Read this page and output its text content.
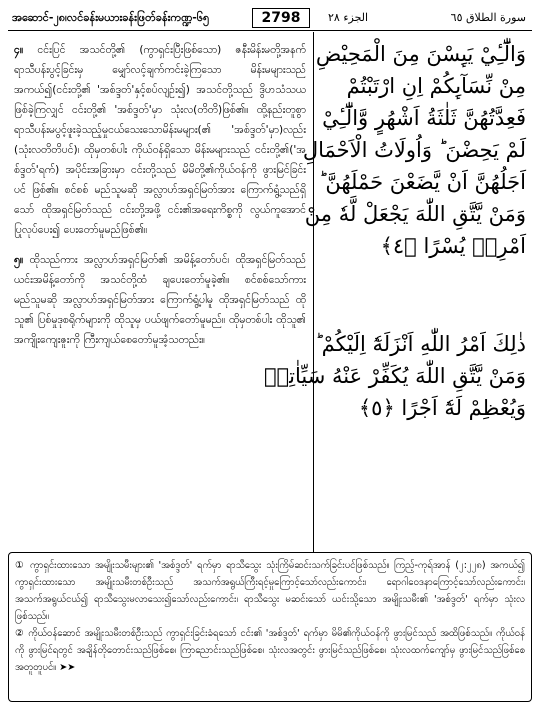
အဆောင်-၂၈၊လင်ခန်းမယားခန်းဖြတ်ခန်းကဏ္ဍ-၆၅	2798	الجزء ٢٨	سورة الطلاق ٦٥

၄။ ငင်းပြင် အသင်တို့၏ (ကွာရှင်းပြီးဖြစ်သော) ဇနီးမိန်းမတို့အနက် ရာသီပန်းပွင့်ခြင်းမှ မျှော်လင့်ချက်ကင်းခဲ့ကြသော မိန်းမများသည် အကယ်၍(ငင်းတို့၏ 'အစ်ဒ္ဒတ်'နှင့်စပ်လျဉ်း၍) အသင်တို့သည် ဒွိဟသံသယ ဖြစ်ခဲ့ကြလျှင် ငင်းတို့၏ 'အစ်ဒ္ဒတ်'မှာ သုံးလ(တိတိ)ဖြစ်၏။ ထို့နည်းတူစွာ ရာသီပန်းမပွင့်ဖူးခဲ့သည့်မှုငယ်သေးသောမိန်းမများ(၏ 'အစ်ဒ္ဒတ်'မှာ)လည်း (သုံးလတိတိပင်)၊ ထိုမှတစ်ပါး ကိုယ်ဝန်ရှိသော မိန်းမများသည် ငင်းတို့၏('အစ်ဒ္ဒတ်'ရက်) အပိုင်းအခြားမှာ ငင်းတို့သည် မိမိတို့၏ကိုယ်ဝန်ကို ဖွားမြင်ခြင်းပင် ဖြစ်၏။ စင်စစ် မည်သူမဆို အလ္လာဟ်အရှင်မြတ်အား ကြောက်ရွံ့သည်ရှိသော် ထိုအရှင်မြတ်သည် ငင်းတို့အဖို့ ငင်း၏အရေးကိစ္စကို လွယ်ကူအောင် ပြုလုပ်ပေး၍ ပေးတော်မူမည်ဖြစ်၏။

၅။ ထိုသည်ကား အလ္လာဟ်အရှင်မြတ်၏ အမိန့်တော်ပင်၊ ထိုအရှင်မြတ်သည် ယင်းအမိန့်တော်ကို အသင်တို့ထံ ချပေးတော်မူခဲ့၏။ စင်စစ်သော်ကား မည်သူမဆို အလ္လာဟ်အရှင်မြတ်အား ကြောက်ရွံ့ပါမူ ထိုအရှင်မြတ်သည် ထိုသူ၏ ပြစ်မှုဒုစရိုက်များကို ထိုသူမှ ပယ်ဖျက်တော်မူမည်။ ထိုမှတစ်ပါး ထိုသူ၏ အကျိုးကျေးဇူးကို ကြီးကျယ်စေတော်မူအံ့သတည်း။

وَالّٰٓـِٔيْ يَىِٕسْنَ مِنَ الْمَحِيْضِ
مِنْ نِّسَآىِٕكُمْ اِنِ ارْتَبْتُمْ
فَعِدَّتُهُنَّ ثَلٰثَةُ اَشْهُرٍ وَّالّٰٓـِٔيْ
لَمْ يَحِضْنَ ؕ وَاُولَاتُ الْاَحْمَالِ
اَجَلُهُنَّ اَنْ يَّضَعْنَ حَمْلَهُنَّ ؕ
وَمَنْ يَّتَّقِ اللّٰهَ يَجْعَلْ لَّهٗ مِنْ
اَمْرِهٖ يُسْرًا ﴿٤﴾
ذٰلِكَ اَمْرُ اللّٰهِ اَنْزَلَهٗٓ اِلَيْكُمْ ؕ
وَمَنْ يَّتَّقِ اللّٰهَ يُكَفِّرْ عَنْهُ سَيِّاٰتِهٖ
وَيُعْظِمْ لَهٗٓ اَجْرًا ﴿٥﴾

① ကွာရှင်းထားသော အမျိုးသမီးများ၏ 'အစ်ဒ္ဒတ်' ရက်မှာ ရာသီသွေး သုံးကြိမ်ဆင်းသက်ခြင်းပင်ဖြစ်သည်။ ကြည့်-ကုရ်အာန် (၂:၂၂၈) အကယ်၍ ကွာရှင်းထားသော အမျိုးသမီးတစ်ဦးသည် အသက်အရွယ်ကြီးရင့်မှုကြောင့်သော်လည်းကောင်း၊ ရောဂါဝေဒနာကြောင့်သော်လည်းကောင်း၊ အသက်အရွယ်ငယ်၍ ရာသီသွေးမလာသေး၍သော်လည်းကောင်း၊ ရာသီသွေး မဆင်းသော် ယင်းသို့သော အမျိုးသမီး၏ 'အစ်ဒ္ဒတ်' ရက်မှာ သုံးလဖြစ်သည်။

② ကိုယ်ဝန်ဆောင် အမျိုးသမီးတစ်ဦးသည် ကွာရှင်းခြင်းခံရသော် ငင်း၏ 'အစ်ဒ္ဒတ်' ရက်မှာ မိမိ၏ကိုယ်ဝန်ကို ဖွားမြင်သည် အထိဖြစ်သည်။ ကိုယ်ဝန်ကို ဖွားမြင်ရတွင် အချိန်တိုတောင်းသည်ဖြစ်စေ၊ ကြာညောင်းသည်ဖြစ်စေ၊ သုံးလအတွင်း ဖွားမြင်သည်ဖြစ်စေ၊ သုံးလထက်ကျော်မှ ဖွားမြင်သည်ဖြစ်စေ အတူတူပင်။ ➤➤
